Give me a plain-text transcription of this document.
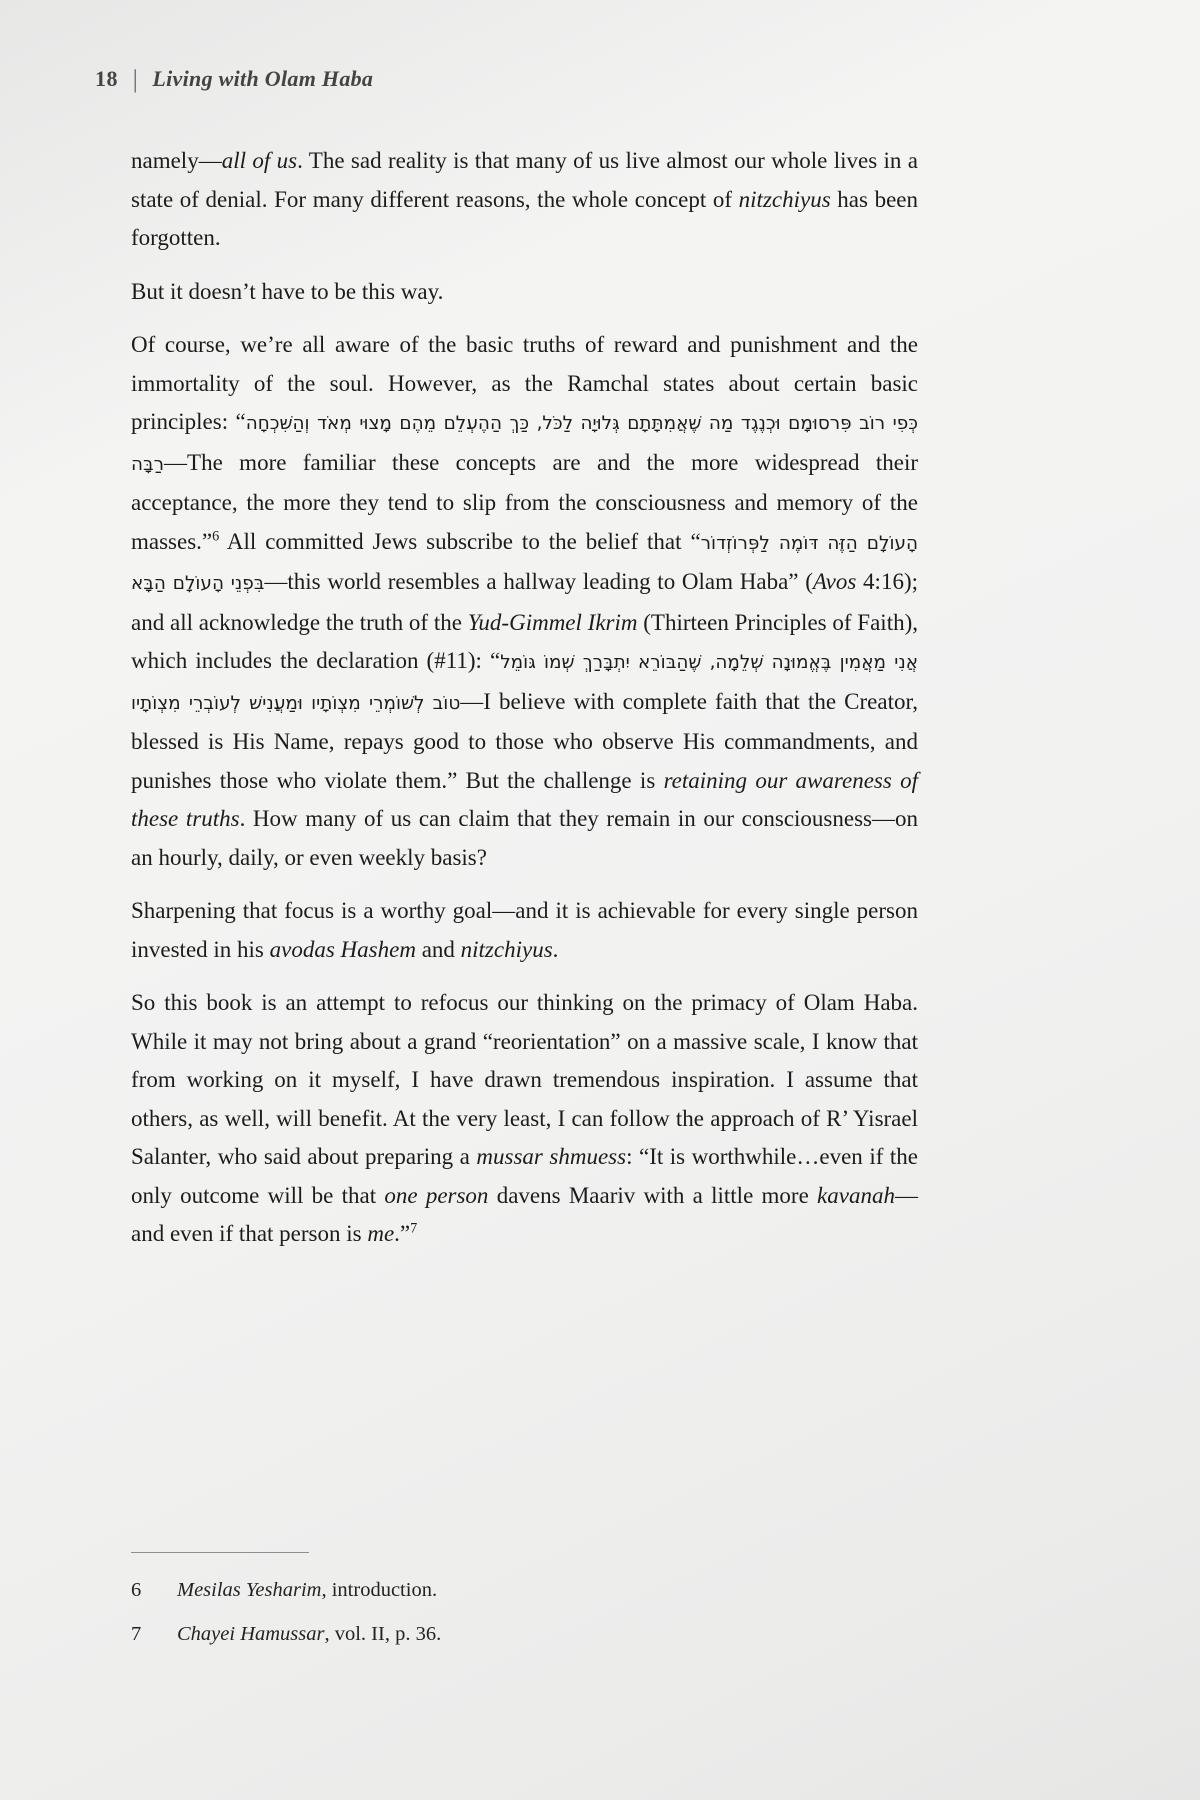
18 | Living with Olam Haba

namely—all of us. The sad reality is that many of us live almost our whole lives in a state of denial. For many different reasons, the whole concept of nitzchiyus has been forgotten.

But it doesn’t have to be this way.

Of course, we’re all aware of the basic truths of reward and punishment and the immortality of the soul. However, as the Ramchal states about certain basic principles: “כְּפִי רוֹב פִּרסוּמָם וּכְנֶגֶד מַה שֶּׁאֲמִתָּתָם גְּלוּיָה לַכֹּל, כַּךְ הַהֶעְלֵם מֵהֶם מָצוּי מְאֹד וְהַשִּׁכְחָה רַבָּה—The more familiar these concepts are and the more widespread their acceptance, the more they tend to slip from the consciousness and memory of the masses.”$^6$ All committed Jews subscribe to the belief that “הָעוֹלָם הַזֶּה דּוֹמֶה לַפְּרוֹזְדוֹר בִּפְנֵי הָעוֹלָם הַבָּא—this world resembles a hallway leading to Olam Haba” (Avos 4:16); and all acknowledge the truth of the Yud-Gimmel Ikrim (Thirteen Principles of Faith), which includes the declaration (#11): “אֲנִי מַאֲמִין בֶּאֱמוּנָה שְׁלֵמָה, שֶׁהַבּוֹרֵא יִתְבָּרַךְ שְׁמוֹ גּוֹמֵל טוֹב לְשׁוֹמְרֵי מִצְוֹתָיו וּמַעֲנִישׁ לְעוֹבְרֵי מִצְוֹתָיו—I believe with complete faith that the Creator, blessed is His Name, repays good to those who observe His commandments, and punishes those who violate them.” But the challenge is retaining our awareness of these truths. How many of us can claim that they remain in our consciousness—on an hourly, daily, or even weekly basis?

Sharpening that focus is a worthy goal—and it is achievable for every single person invested in his avodas Hashem and nitzchiyus.

So this book is an attempt to refocus our thinking on the primacy of Olam Haba. While it may not bring about a grand “reorientation” on a massive scale, I know that from working on it myself, I have drawn tremendous inspiration. I assume that others, as well, will benefit. At the very least, I can follow the approach of R’ Yisrael Salanter, who said about preparing a mussar shmuess: “It is worthwhile…even if the only outcome will be that one person davens Maariv with a little more kavanah—and even if that person is me.”$^7$

6	Mesilas Yesharim, introduction.
7	Chayei Hamussar, vol. II, p. 36.
